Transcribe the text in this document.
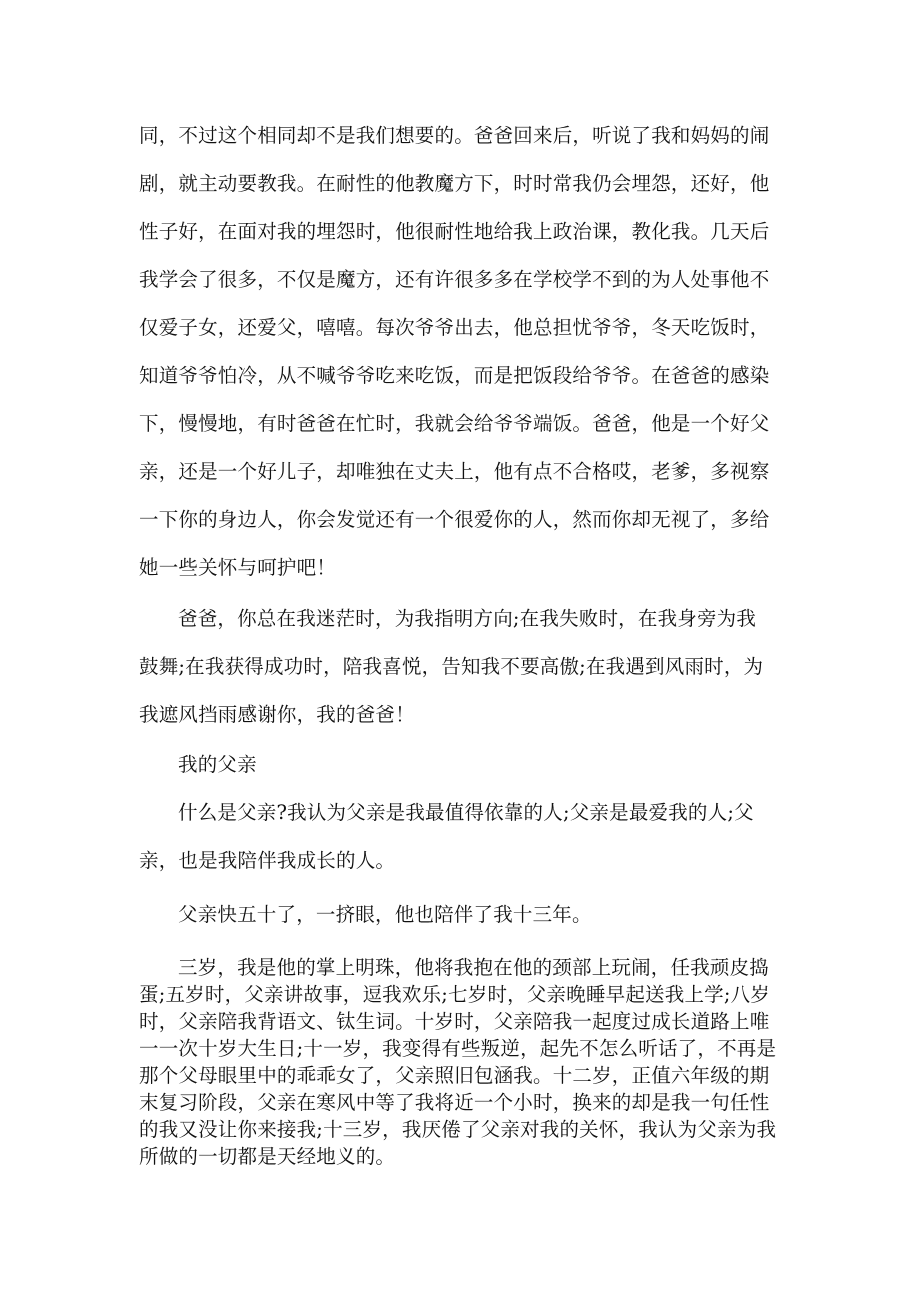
同，不过这个相同却不是我们想要的。爸爸回来后，听说了我和妈妈的闹
剧，就主动要教我。在耐性的他教魔方下，时时常我仍会埋怨，还好，他
性子好，在面对我的埋怨时，他很耐性地给我上政治课，教化我。几天后
我学会了很多，不仅是魔方，还有许很多多在学校学不到的为人处事他不
仅爱子女，还爱父，嘻嘻。每次爷爷出去，他总担忧爷爷，冬天吃饭时，
知道爷爷怕冷，从不喊爷爷吃来吃饭，而是把饭段给爷爷。在爸爸的感染
下，慢慢地，有时爸爸在忙时，我就会给爷爷端饭。爸爸，他是一个好父
亲，还是一个好儿子，却唯独在丈夫上，他有点不合格哎，老爹，多视察
一下你的身边人，你会发觉还有一个很爱你的人，然而你却无视了，多给
她一些关怀与呵护吧！
爸爸，你总在我迷茫时，为我指明方向;在我失败时，在我身旁为我
鼓舞;在我获得成功时，陪我喜悦，告知我不要高傲;在我遇到风雨时，为
我遮风挡雨感谢你，我的爸爸！
我的父亲
什么是父亲?我认为父亲是我最值得依靠的人;父亲是最爱我的人;父
亲，也是我陪伴我成长的人。
父亲快五十了，一挤眼，他也陪伴了我十三年。
三岁，我是他的掌上明珠，他将我抱在他的颈部上玩闹，任我顽皮捣
蛋;五岁时，父亲讲故事，逗我欢乐;七岁时，父亲晚睡早起送我上学;八岁
时，父亲陪我背语文、钛生词。十岁时，父亲陪我一起度过成长道路上唯
一一次十岁大生日;十一岁，我变得有些叛逆，起先不怎么听话了，不再是
那个父母眼里中的乖乖女了，父亲照旧包涵我。十二岁，正值六年级的期
末复习阶段，父亲在寒风中等了我将近一个小时，换来的却是我一句任性
的我又没让你来接我;十三岁，我厌倦了父亲对我的关怀，我认为父亲为我
所做的一切都是天经地义的。
